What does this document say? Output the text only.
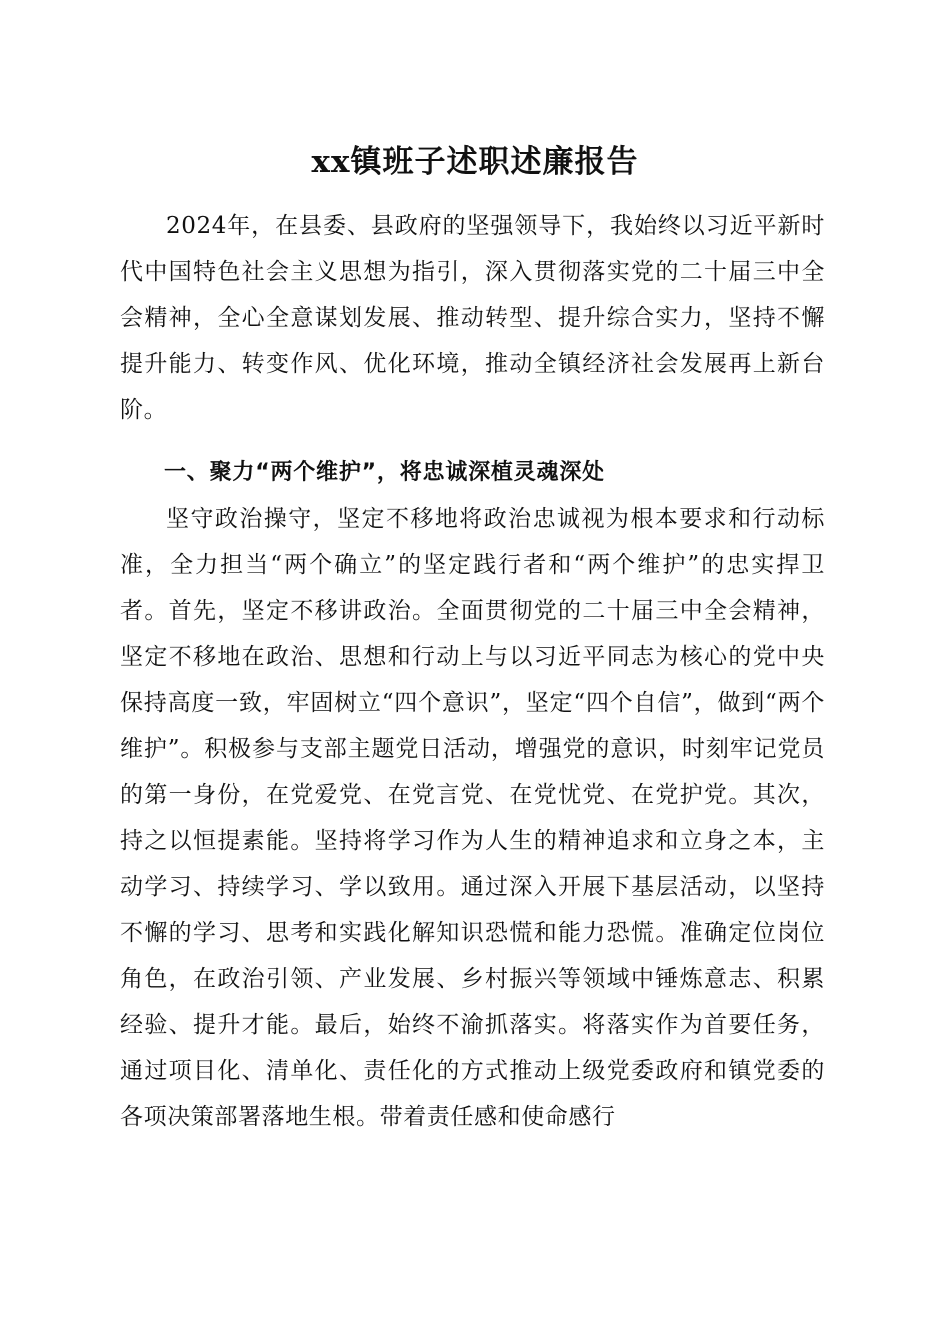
xx镇班子述职述廉报告

2024年，在县委、县政府的坚强领导下，我始终以习近平新时代中国特色社会主义思想为指引，深入贯彻落实党的二十届三中全会精神，全心全意谋划发展、推动转型、提升综合实力，坚持不懈提升能力、转变作风、优化环境，推动全镇经济社会发展再上新台阶。

一、聚力“两个维护”，将忠诚深植灵魂深处

坚守政治操守，坚定不移地将政治忠诚视为根本要求和行动标准，全力担当“两个确立”的坚定践行者和“两个维护”的忠实捍卫者。首先，坚定不移讲政治。全面贯彻党的二十届三中全会精神，坚定不移地在政治、思想和行动上与以习近平同志为核心的党中央保持高度一致，牢固树立“四个意识”，坚定“四个自信”，做到“两个维护”。积极参与支部主题党日活动，增强党的意识，时刻牢记党员的第一身份，在党爱党、在党言党、在党忧党、在党护党。其次，持之以恒提素能。坚持将学习作为人生的精神追求和立身之本，主动学习、持续学习、学以致用。通过深入开展下基层活动，以坚持不懈的学习、思考和实践化解知识恐慌和能力恐慌。准确定位岗位角色，在政治引领、产业发展、乡村振兴等领域中锤炼意志、积累经验、提升才能。最后，始终不渝抓落实。将落实作为首要任务，通过项目化、清单化、责任化的方式推动上级党委政府和镇党委的各项决策部署落地生根。带着责任感和使命感行
